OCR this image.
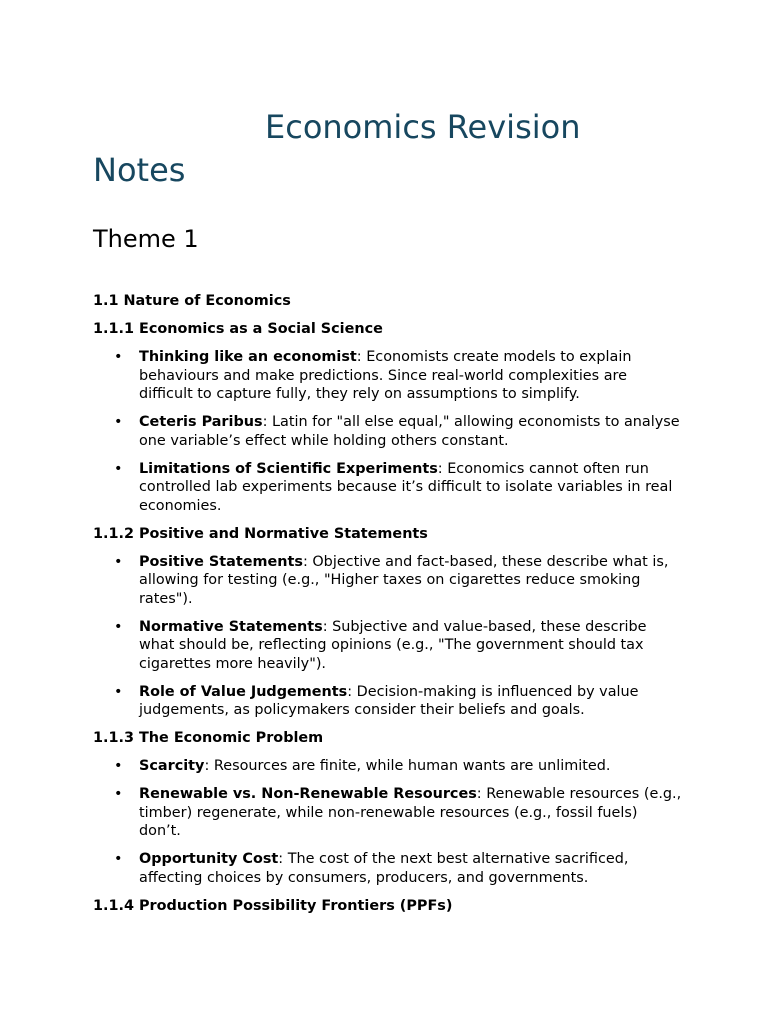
Economics Revision Notes
Theme 1

1.1 Nature of Economics

1.1.1 Economics as a Social Science

• Thinking like an economist: Economists create models to explain behaviours and make predictions. Since real-world complexities are difficult to capture fully, they rely on assumptions to simplify.
• Ceteris Paribus: Latin for "all else equal," allowing economists to analyse one variable’s effect while holding others constant.
• Limitations of Scientific Experiments: Economics cannot often run controlled lab experiments because it’s difficult to isolate variables in real economies.

1.1.2 Positive and Normative Statements

• Positive Statements: Objective and fact-based, these describe what is, allowing for testing (e.g., "Higher taxes on cigarettes reduce smoking rates").
• Normative Statements: Subjective and value-based, these describe what should be, reflecting opinions (e.g., "The government should tax cigarettes more heavily").
• Role of Value Judgements: Decision-making is influenced by value judgements, as policymakers consider their beliefs and goals.

1.1.3 The Economic Problem

• Scarcity: Resources are finite, while human wants are unlimited.
• Renewable vs. Non-Renewable Resources: Renewable resources (e.g., timber) regenerate, while non-renewable resources (e.g., fossil fuels) don’t.
• Opportunity Cost: The cost of the next best alternative sacrificed, affecting choices by consumers, producers, and governments.

1.1.4 Production Possibility Frontiers (PPFs)
